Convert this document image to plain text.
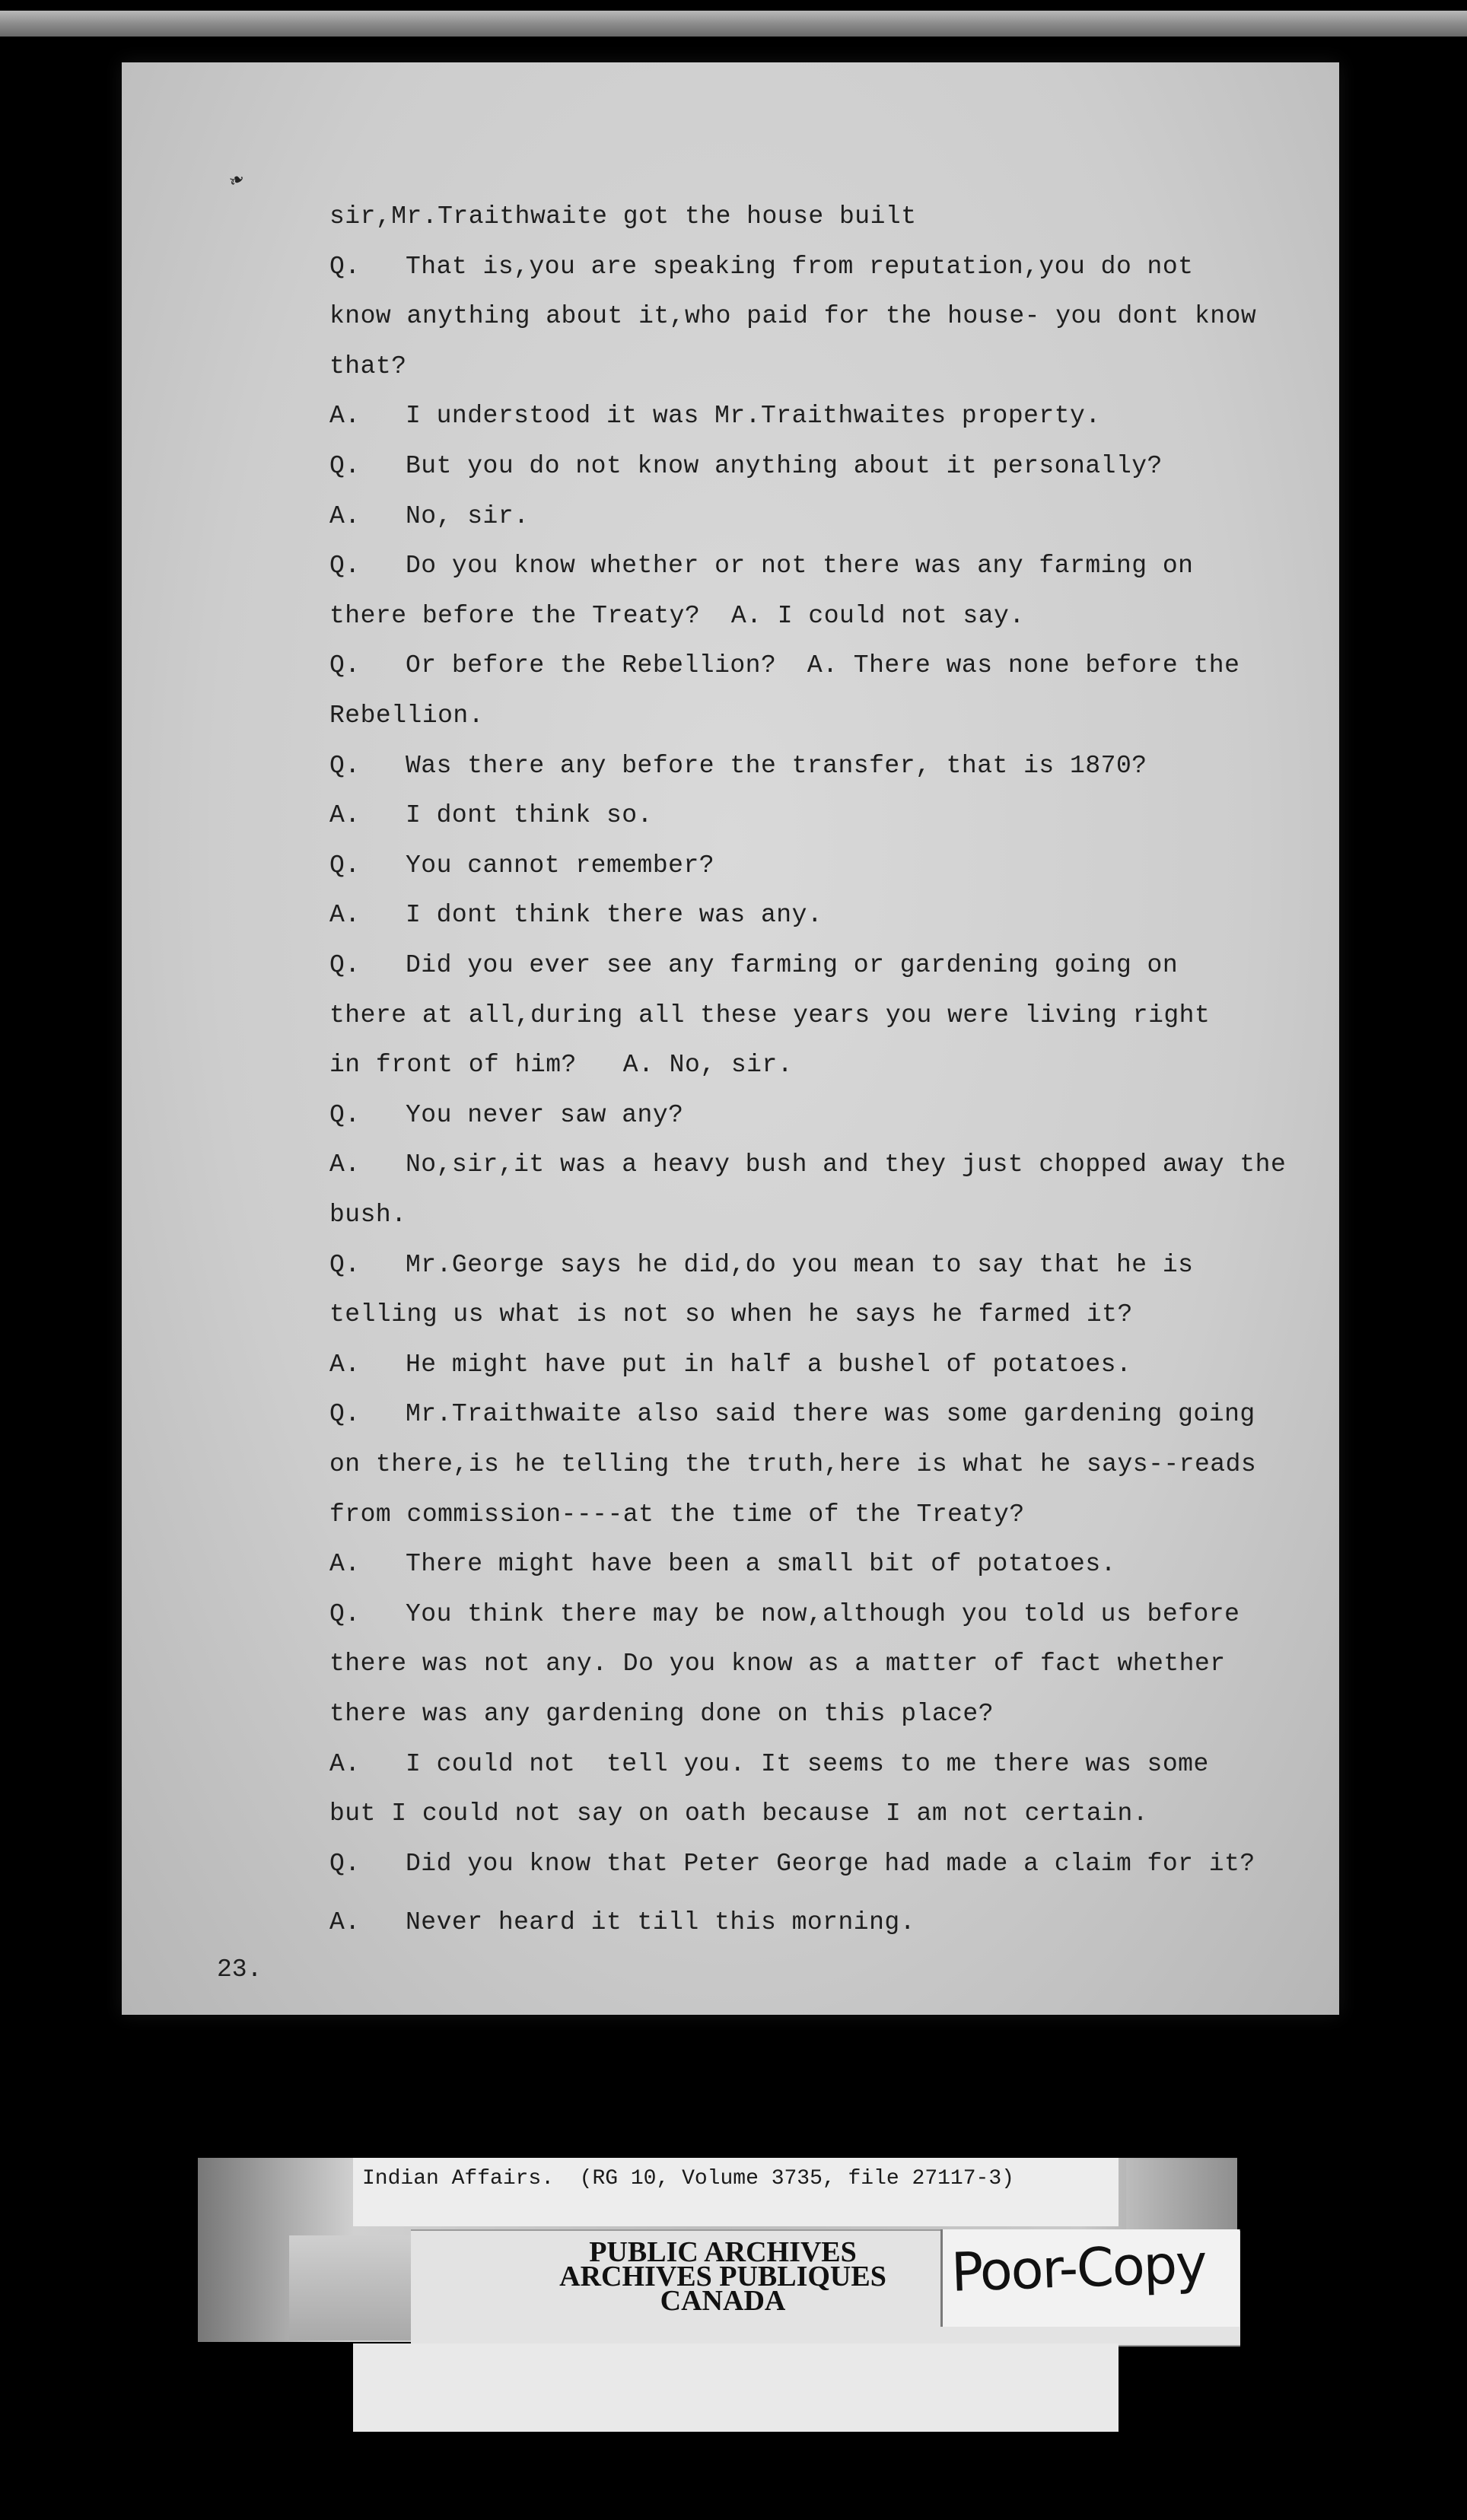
❧
sir,Mr.Traithwaite got the house built
Q. That is,you are speaking from reputation,you do not
know anything about it,who paid for the house- you dont know
that?
A. I understood it was Mr.Traithwaites property.
Q. But you do not know anything about it personally?
A. No, sir.
Q. Do you know whether or not there was any farming on
there before the Treaty?  A. I could not say.
Q. Or before the Rebellion?  A. There was none before the
Rebellion.
Q. Was there any before the transfer, that is 1870?
A. I dont think so.
Q. You cannot remember?
A. I dont think there was any.
Q. Did you ever see any farming or gardening going on
there at all,during all these years you were living right
in front of him?   A. No, sir.
Q. You never saw any?
A. No,sir,it was a heavy bush and they just chopped away the
bush.
Q. Mr.George says he did,do you mean to say that he is
telling us what is not so when he says he farmed it?
A. He might have put in half a bushel of potatoes.
Q. Mr.Traithwaite also said there was some gardening going
on there,is he telling the truth,here is what he says--reads
from commission----at the time of the Treaty?
A. There might have been a small bit of potatoes.
Q. You think there may be now,although you told us before
there was not any. Do you know as a matter of fact whether
there was any gardening done on this place?
A. I could not  tell you. It seems to me there was some
but I could not say on oath because I am not certain.
Q. Did you know that Peter George had made a claim for it?
A. Never heard it till this morning.
23.
Indian Affairs.  (RG 10, Volume 3735, file 27117-3)
PUBLIC ARCHIVES
ARCHIVES PUBLIQUES
CANADA	Poor-Copy
